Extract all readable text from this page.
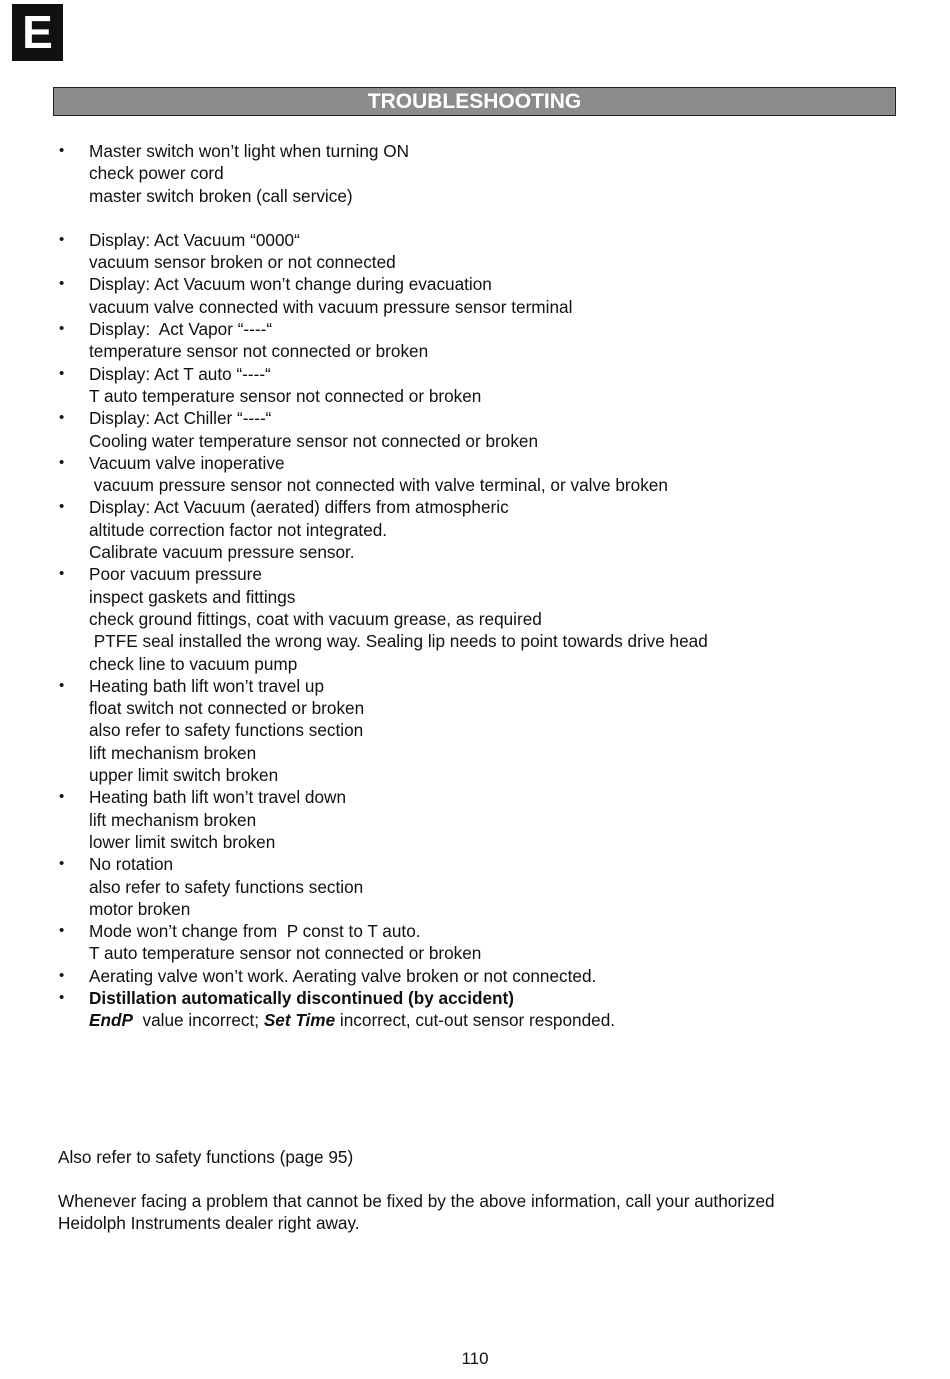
E
TROUBLESHOOTING
• Master switch won’t light when turning ON
check power cord
master switch broken (call service)
• Display: Act Vacuum “0000“
vacuum sensor broken or not connected
• Display: Act Vacuum won’t change during evacuation
vacuum valve connected with vacuum pressure sensor terminal
• Display:  Act Vapor “----“
temperature sensor not connected or broken
• Display: Act T auto “----“
T auto temperature sensor not connected or broken
• Display: Act Chiller “----“
Cooling water temperature sensor not connected or broken
• Vacuum valve inoperative
vacuum pressure sensor not connected with valve terminal, or valve broken
• Display: Act Vacuum (aerated) differs from atmospheric
altitude correction factor not integrated.
Calibrate vacuum pressure sensor.
• Poor vacuum pressure
inspect gaskets and fittings
check ground fittings, coat with vacuum grease, as required
PTFE seal installed the wrong way. Sealing lip needs to point towards drive head
check line to vacuum pump
• Heating bath lift won’t travel up
float switch not connected or broken
also refer to safety functions section
lift mechanism broken
upper limit switch broken
• Heating bath lift won’t travel down
lift mechanism broken
lower limit switch broken
• No rotation
also refer to safety functions section
motor broken
• Mode won’t change from  P const to T auto.
T auto temperature sensor not connected or broken
• Aerating valve won’t work. Aerating valve broken or not connected.
• Distillation automatically discontinued (by accident)
EndP  value incorrect; Set Time incorrect, cut-out sensor responded.
Also refer to safety functions (page 95)
Whenever facing a problem that cannot be fixed by the above information, call your authorized
Heidolph Instruments dealer right away.
110
